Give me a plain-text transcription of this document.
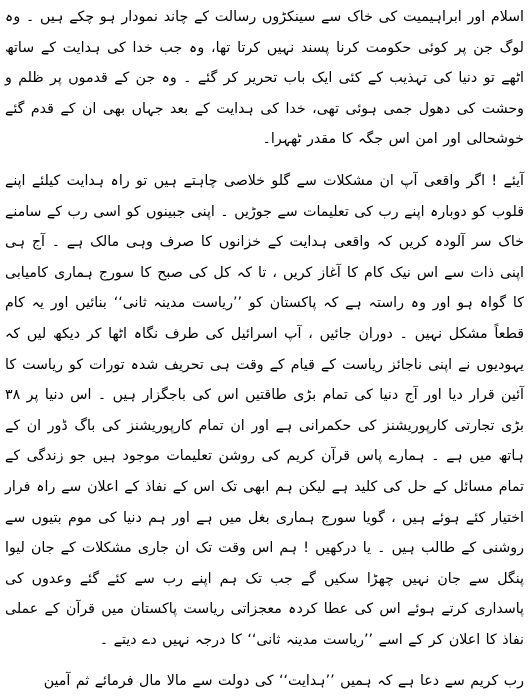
اسلام اور ابراہیمیت کی خاک سے سینکڑوں رسالت کے چاند نمودار ہو چکے ہیں ۔ وہ لوگ جن پر کوئی حکومت کرنا پسند نہیں کرتا تھا، وہ جب خدا کی ہدایت کے ساتھ اٹھے تو دنیا کی تہذیب کے کئی ایک باب تحریر کر گئے ۔ وہ جن کے قدموں پر ظلم و وحشت کی دھول جمی ہوئی تھی، خدا کی ہدایت کے بعد جہاں بھی ان کے قدم گئے خوشحالی اور امن اس جگہ کا مقدر ٹھہرا۔

آیئے ! اگر واقعی آپ ان مشکلات سے گلو خلاصی چاہتے ہیں تو راہ ہدایت کیلئے اپنے قلوب کو دوبارہ اپنے رب کی تعلیمات سے جوڑیں ۔ اپنی جبینوں کو اسی رب کے سامنے خاک سر آلودہ کریں کہ واقعی ہدایت کے خزانوں کا صرف وہی مالک ہے ۔ آج ہی اپنی ذات سے اس نیک کام کا آغاز کریں ، تا کہ کل کی صبح کا سورج ہماری کامیابی کا گواہ ہو اور وہ راستہ ہے کہ پاکستان کو ’’ریاست مدینہ ثانی‘‘ بنائیں اور یہ کام قطعاً مشکل نہیں ۔ دوران جائیں ، آپ اسرائیل کی طرف نگاہ اٹھا کر دیکھ لیں کہ یہودیوں نے اپنی ناجائز ریاست کے قیام کے وقت ہی تحریف شدہ تورات کو ریاست کا آئین قرار دیا اور آج دنیا کی تمام بڑی طاقتیں اس کی باجگزار ہیں ۔ اس دنیا پر ۳۸ بڑی تجارتی کارپوریشنز کی حکمرانی ہے اور ان تمام کارپوریشنز کی باگ ڈور ان کے ہاتھ میں ہے ۔ ہمارے پاس قرآن کریم کی روشن تعلیمات موجود ہیں جو زندگی کے تمام مسائل کے حل کی کلید ہے لیکن ہم ابھی تک اس کے نفاذ کے اعلان سے راہ فرار اختیار کئے ہوئے ہیں ، گویا سورج ہماری بغل میں ہے اور ہم دنیا کی موم بتیوں سے روشنی کے طالب ہیں ۔ یا درکھیں ! ہم اس وقت تک ان جاری مشکلات کے جان لیوا پنگل سے جان نہیں چھڑا سکیں گے جب تک ہم اپنے رب سے کئے گئے وعدوں کی پاسداری کرتے ہوئے اس کی عطا کردہ معجزاتی ریاست پاکستان میں قرآن کے عملی نفاذ کا اعلان کر کے اسے ’’ریاست مدینہ ثانی‘‘ کا درجہ نہیں دے دیتے ۔

رب کریم سے دعا ہے کہ ہمیں ’’ہدایت‘‘ کی دولت سے مالا مال فرمائے ثم آمین
